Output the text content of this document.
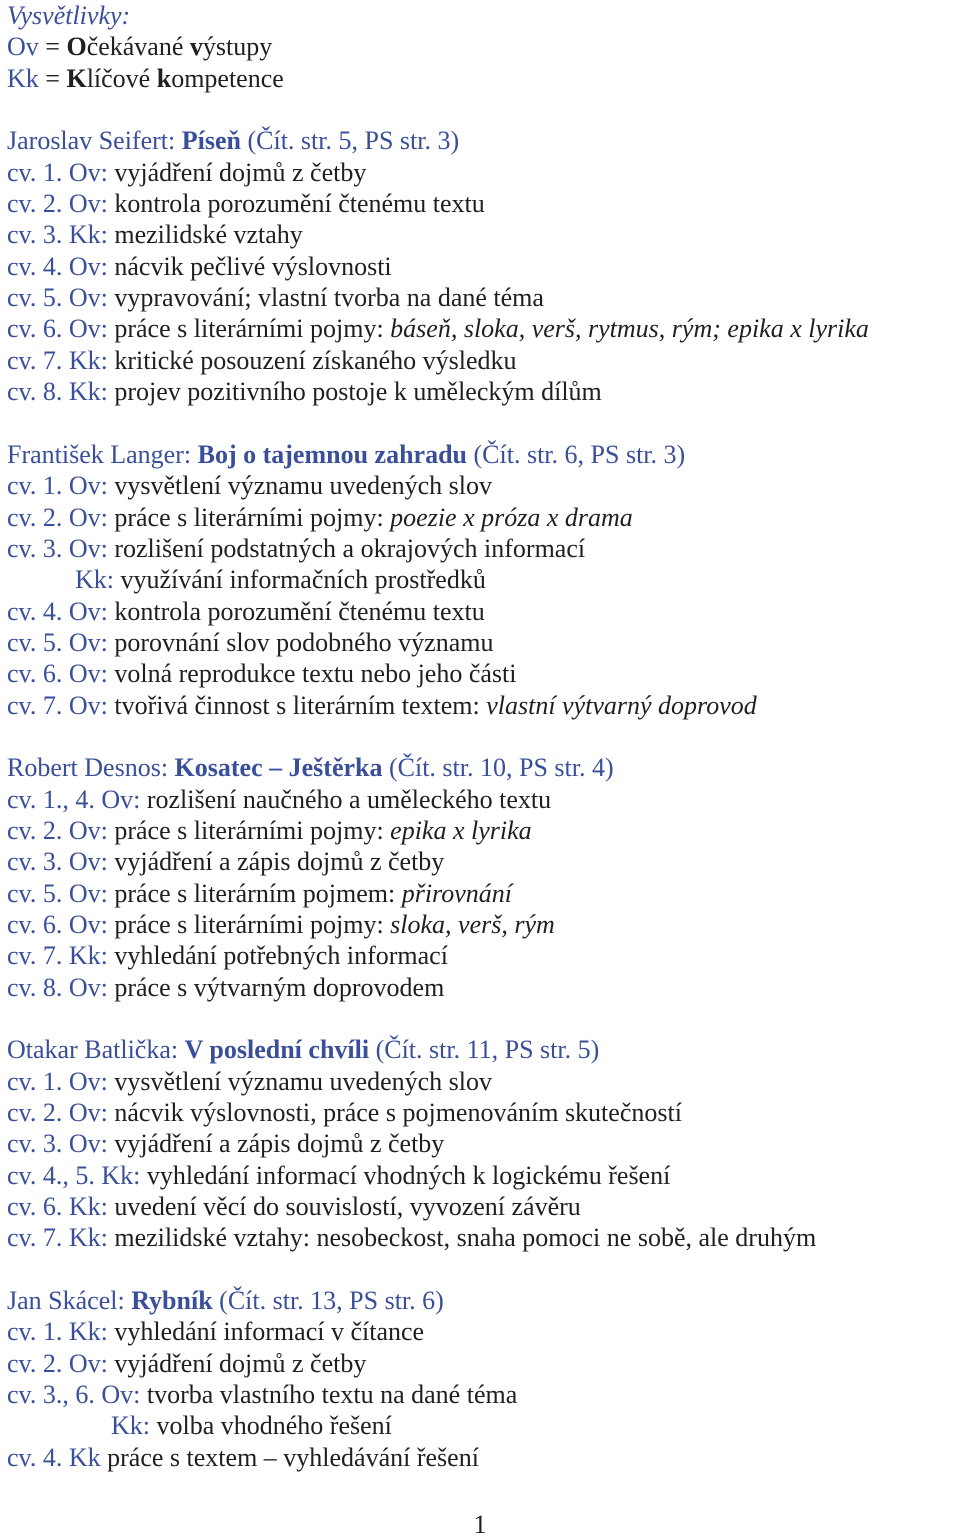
Vysvětlivky:
Ov = Očekávané výstupy
Kk = Klíčové kompetence
Jaroslav Seifert: Píseň (Čít. str. 5, PS str. 3)
cv. 1. Ov: vyjádření dojmů z četby
cv. 2. Ov: kontrola porozumění čtenému textu
cv. 3. Kk: mezilidské vztahy
cv. 4. Ov: nácvik pečlivé výslovnosti
cv. 5. Ov: vypravování; vlastní tvorba na dané téma
cv. 6. Ov: práce s literárními pojmy: báseň, sloka, verš, rytmus, rým; epika x lyrika
cv. 7. Kk: kritické posouzení získaného výsledku
cv. 8. Kk: projev pozitivního postoje k uměleckým dílům
František Langer: Boj o tajemnou zahradu (Čít. str. 6, PS str. 3)
cv. 1. Ov: vysvětlení významu uvedených slov
cv. 2. Ov: práce s literárními pojmy: poezie x próza x drama
cv. 3. Ov: rozlišení podstatných a okrajových informací
Kk: využívání informačních prostředků
cv. 4. Ov: kontrola porozumění čtenému textu
cv. 5. Ov: porovnání slov podobného významu
cv. 6. Ov: volná reprodukce textu nebo jeho části
cv. 7. Ov: tvořivá činnost s literárním textem: vlastní výtvarný doprovod
Robert Desnos: Kosatec – Ještěrka (Čít. str. 10, PS str. 4)
cv. 1., 4. Ov: rozlišení naučného a uměleckého textu
cv. 2. Ov: práce s literárními pojmy: epika x lyrika
cv. 3. Ov: vyjádření a zápis dojmů z četby
cv. 5. Ov: práce s literárním pojmem: přirovnání
cv. 6. Ov: práce s literárními pojmy: sloka, verš, rým
cv. 7. Kk: vyhledání potřebných informací
cv. 8. Ov: práce s výtvarným doprovodem
Otakar Batlička: V poslední chvíli (Čít. str. 11, PS str. 5)
cv. 1. Ov: vysvětlení významu uvedených slov
cv. 2. Ov: nácvik výslovnosti, práce s pojmenováním skutečností
cv. 3. Ov: vyjádření a zápis dojmů z četby
cv. 4., 5. Kk: vyhledání informací vhodných k logickému řešení
cv. 6. Kk: uvedení věcí do souvislostí, vyvození závěru
cv. 7. Kk: mezilidské vztahy: nesobeckost, snaha pomoci ne sobě, ale druhým
Jan Skácel: Rybník (Čít. str. 13, PS str. 6)
cv. 1. Kk: vyhledání informací v čítance
cv. 2. Ov: vyjádření dojmů z četby
cv. 3., 6. Ov: tvorba vlastního textu na dané téma
Kk: volba vhodného řešení
cv. 4. Kk práce s textem – vyhledávání řešení
1
